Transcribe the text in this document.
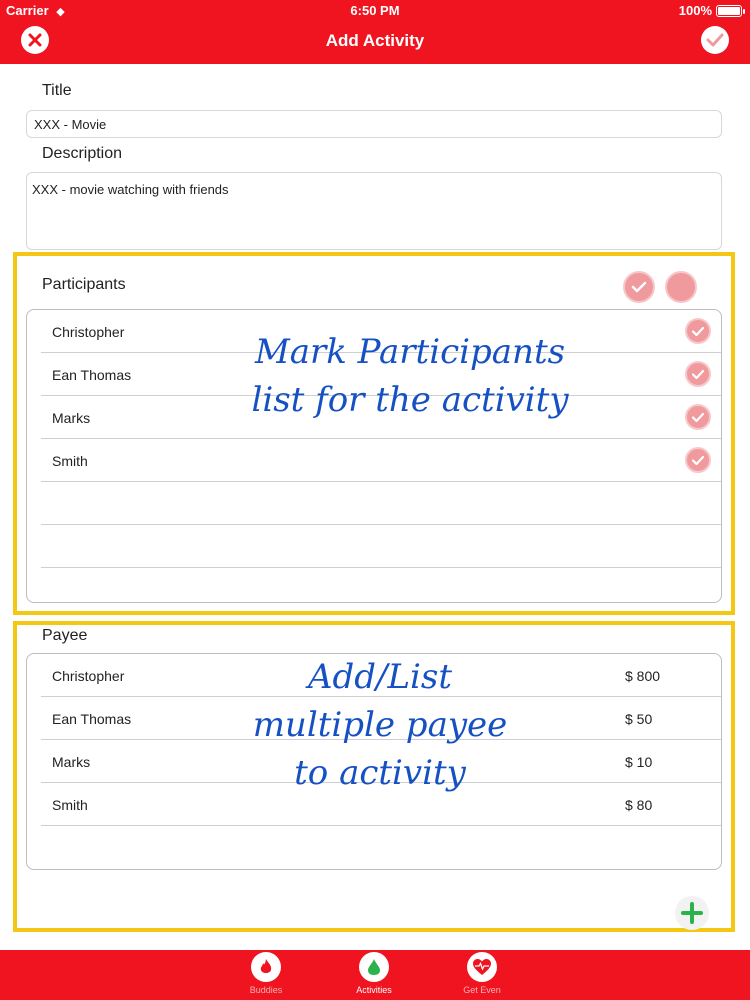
Carrier ◆	6:50 PM	100%
Add Activity
Title
XXX - Movie
Description
XXX - movie watching with friends
Participants
Christopher
Ean Thomas
Marks
Smith
Mark Participants
list for the activity
Payee
Christopher	$ 800
Ean Thomas	$ 50
Marks	$ 10
Smith	$ 80
Add/List
multiple payee
to activity
Buddies	Activities	Get Even
